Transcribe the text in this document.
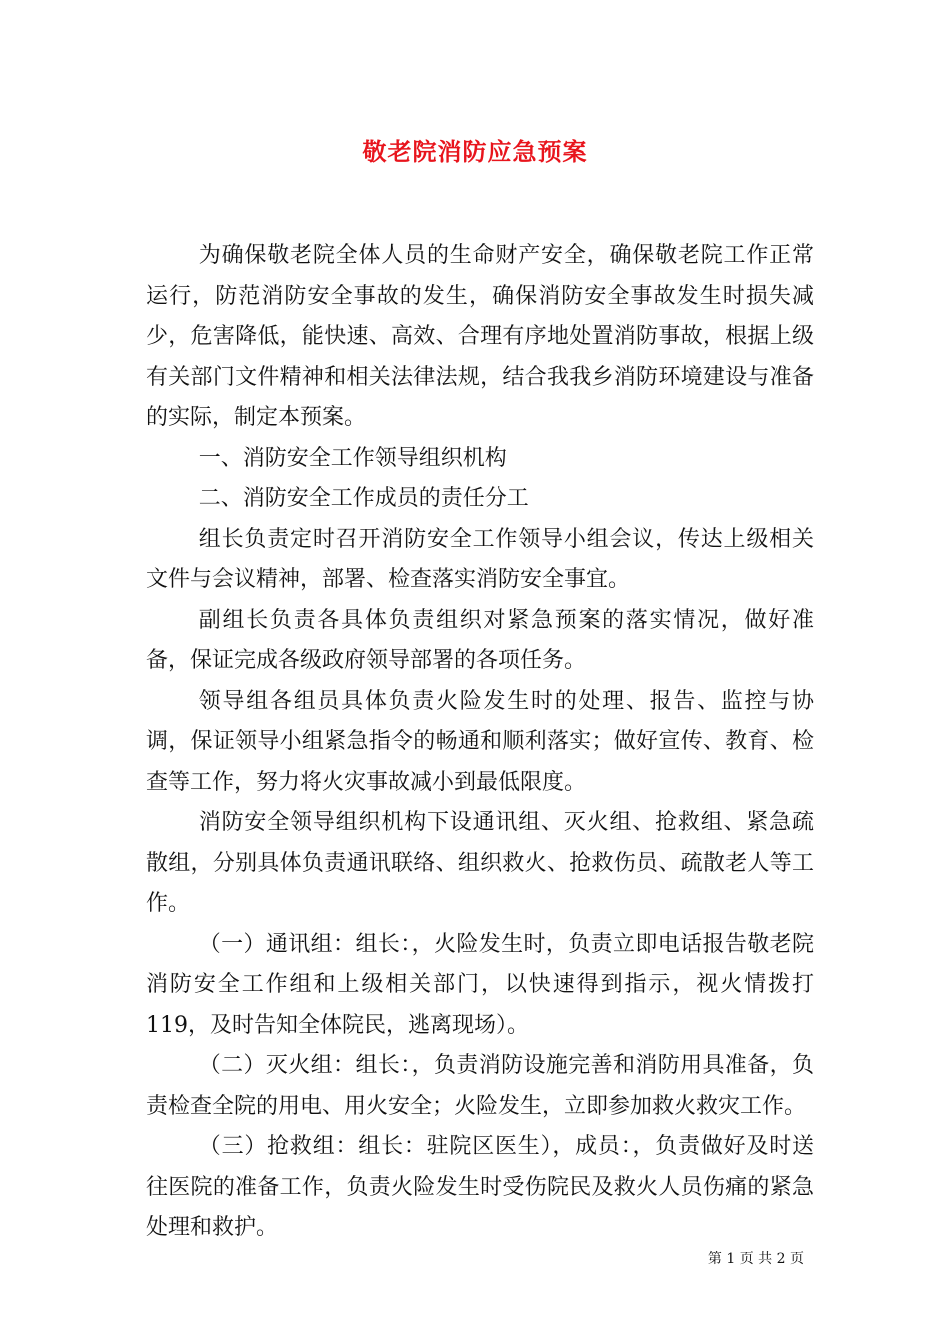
敬老院消防应急预案

为确保敬老院全体人员的生命财产安全，确保敬老院工作正常运行，防范消防安全事故的发生，确保消防安全事故发生时损失减少，危害降低，能快速、高效、合理有序地处置消防事故，根据上级有关部门文件精神和相关法律法规，结合我我乡消防环境建设与准备的实际，制定本预案。

一、消防安全工作领导组织机构

二、消防安全工作成员的责任分工

组长负责定时召开消防安全工作领导小组会议，传达上级相关文件与会议精神，部署、检查落实消防安全事宜。

副组长负责各具体负责组织对紧急预案的落实情况，做好准备，保证完成各级政府领导部署的各项任务。

领导组各组员具体负责火险发生时的处理、报告、监控与协调，保证领导小组紧急指令的畅通和顺利落实；做好宣传、教育、检查等工作，努力将火灾事故减小到最低限度。

消防安全领导组织机构下设通讯组、灭火组、抢救组、紧急疏散组，分别具体负责通讯联络、组织救火、抢救伤员、疏散老人等工作。

（一）通讯组：组长：，火险发生时，负责立即电话报告敬老院消防安全工作组和上级相关部门，以快速得到指示，视火情拨打119，及时告知全体院民，逃离现场）。

（二）灭火组：组长：，负责消防设施完善和消防用具准备，负责检查全院的用电、用火安全；火险发生，立即参加救火救灾工作。

（三）抢救组：组长：驻院区医生），成员：，负责做好及时送往医院的准备工作，负责火险发生时受伤院民及救火人员伤痛的紧急处理和救护。

第 1 页 共 2 页
